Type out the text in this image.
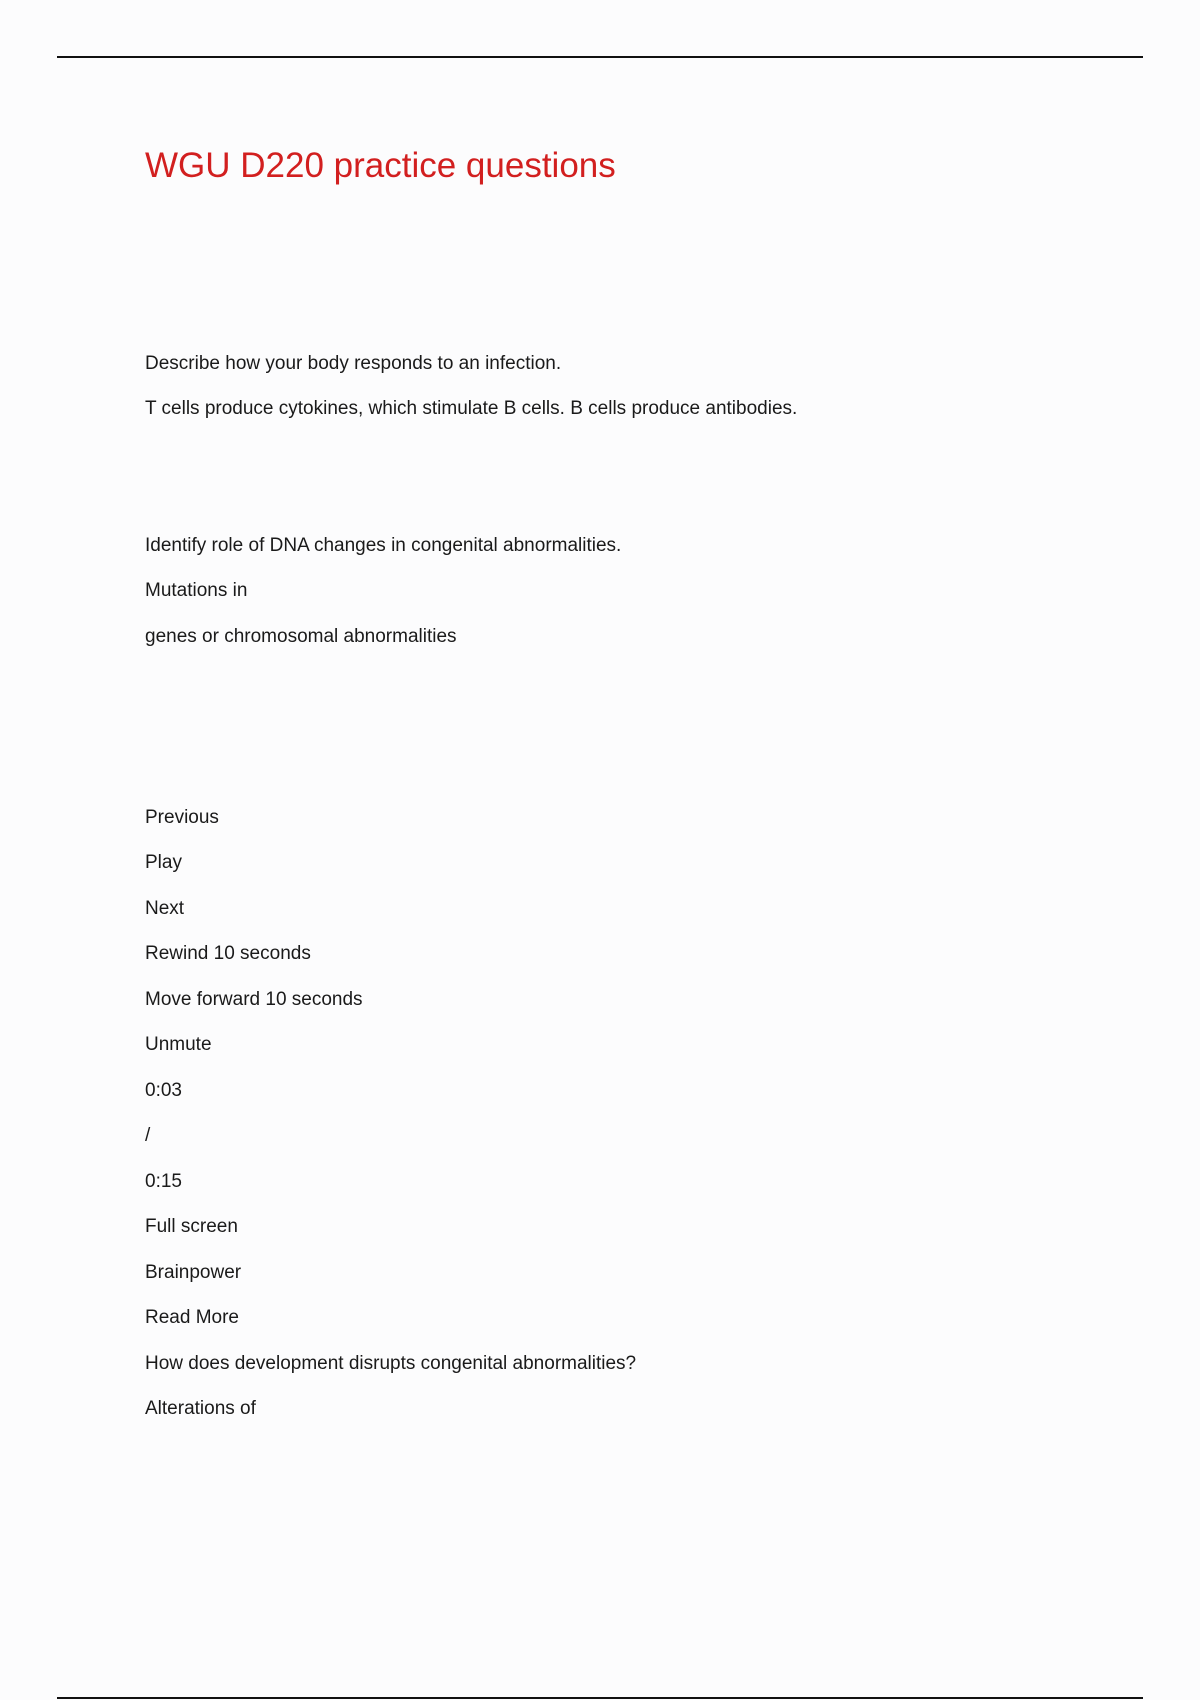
WGU D220 practice questions
Describe how your body responds to an infection.
T cells produce cytokines, which stimulate B cells. B cells produce antibodies.
Identify role of DNA changes in congenital abnormalities.
Mutations in
genes or chromosomal abnormalities
Previous
Play
Next
Rewind 10 seconds
Move forward 10 seconds
Unmute
0:03
/
0:15
Full screen
Brainpower
Read More
How does development disrupts congenital abnormalities?
Alterations of
